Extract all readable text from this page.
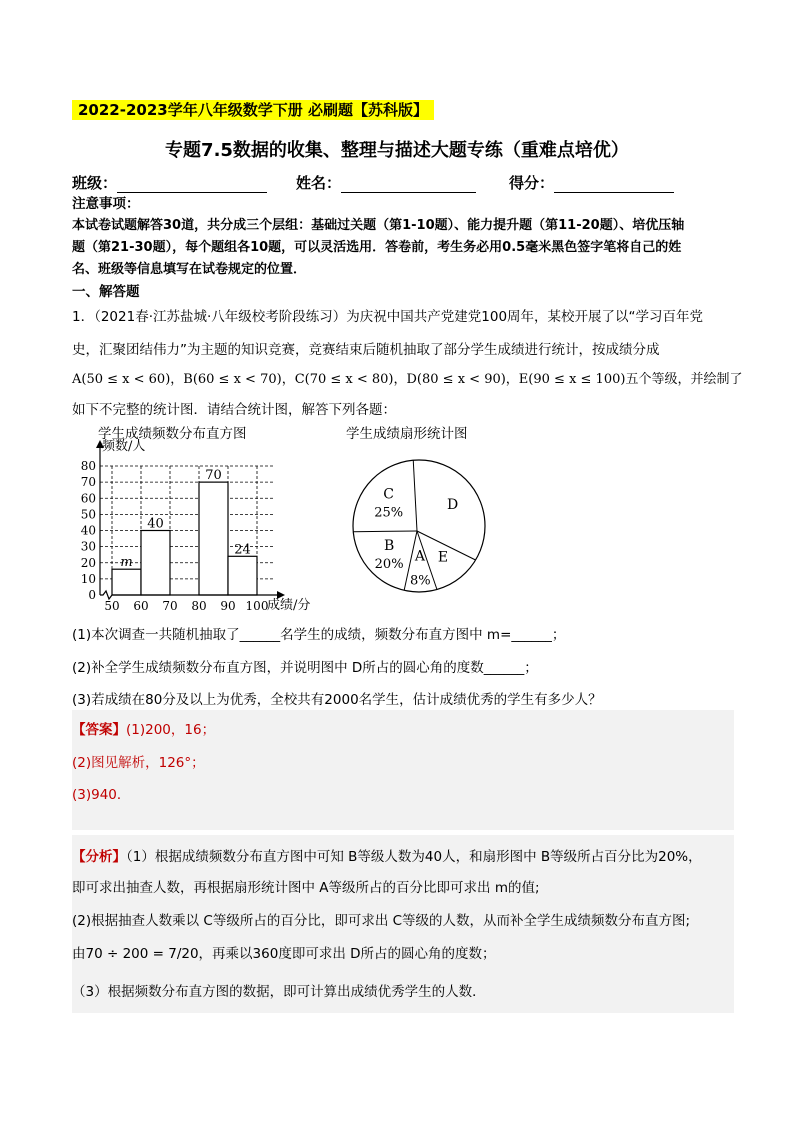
2022-2023学年八年级数学下册 必刷题【苏科版】
专题7.5数据的收集、整理与描述大题专练（重难点培优）
班级：	姓名：	得分：
注意事项：
本试卷试题解答30道，共分成三个层组：基础过关题（第1-10题）、能力提升题（第11-20题）、培优压轴
题（第21-30题），每个题组各10题，可以灵活选用．答卷前，考生务必用0.5毫米黑色签字笔将自己的姓
名、班级等信息填写在试卷规定的位置．
一、解答题
1．（2021春·江苏盐城·八年级校考阶段练习）为庆祝中国共产党建党100周年，某校开展了以“学习百年党
史，汇聚团结伟力”为主题的知识竞赛，竞赛结束后随机抽取了部分学生成绩进行统计，按成绩分成
A(50 ≤ x < 60)，B(60 ≤ x < 70)，C(70 ≤ x < 80)，D(80 ≤ x < 90)，E(90 ≤ x ≤ 100)五个等级，并绘制了
如下不完整的统计图．请结合统计图，解答下列各题：
学生成绩频数分布直方图
0
10
20
30
40
50
60
70
80
m
40
70
24
50 60 70 80 90 100
频数/人
成绩/分
学生成绩扇形统计图
D
E
A
8%
B
20%
C
25%
(1)本次调查一共随机抽取了______名学生的成绩，频数分布直方图中 m=______；
(2)补全学生成绩频数分布直方图，并说明图中 D所占的圆心角的度数______；
(3)若成绩在80分及以上为优秀，全校共有2000名学生，估计成绩优秀的学生有多少人？
【答案】(1)200，16；
(2)图见解析，126°；
(3)940．
【分析】（1）根据成绩频数分布直方图中可知 B等级人数为40人，和扇形图中 B等级所占百分比为20%，
即可求出抽查人数，再根据扇形统计图中 A等级所占的百分比即可求出 m的值;
(2)根据抽查人数乘以 C等级所占的百分比，即可求出 C等级的人数，从而补全学生成绩频数分布直方图;
由70 ÷ 200 = 7/20，再乘以360度即可求出 D所占的圆心角的度数；
（3）根据频数分布直方图的数据，即可计算出成绩优秀学生的人数．
